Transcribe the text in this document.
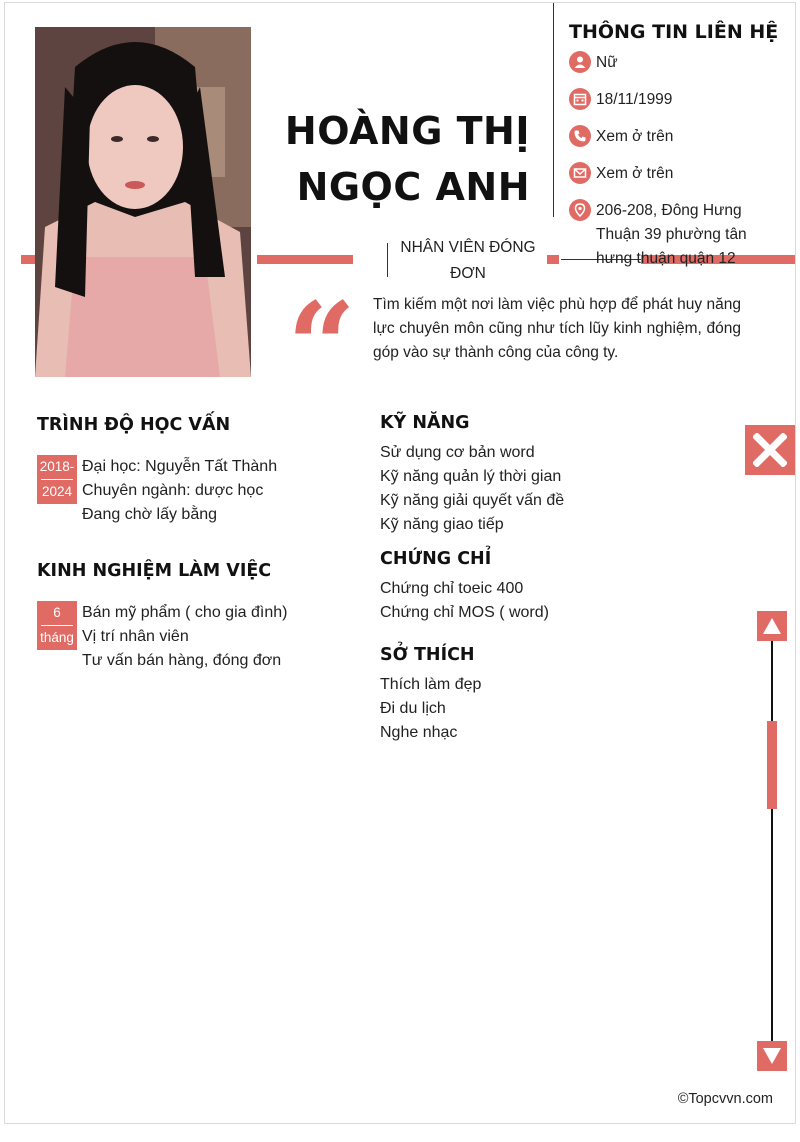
HOÀNG THỊ
NGỌC ANH
NHÂN VIÊN ĐÓNG
ĐƠN
THÔNG TIN LIÊN HỆ
Nữ
18/11/1999
Xem ở trên
Xem ở trên
206-208, Đông Hưng Thuận 39 phường tân hưng thuận quận 12
“ Tìm kiếm một nơi làm việc phù hợp để phát huy năng lực chuyên môn cũng như tích lũy kinh nghiệm, đóng góp vào sự thành công của công ty.
TRÌNH ĐỘ HỌC VẤN
2018-
2024
Đại học: Nguyễn Tất Thành
Chuyên ngành: dược học
Đang chờ lấy bằng
KINH NGHIỆM LÀM VIỆC
6
tháng
Bán mỹ phẩm ( cho gia đình)
Vị trí nhân viên
Tư vấn bán hàng, đóng đơn
KỸ NĂNG
Sử dụng cơ bản word
Kỹ năng quản lý thời gian
Kỹ năng giải quyết vấn đề
Kỹ năng giao tiếp
CHỨNG CHỈ
Chứng chỉ toeic 400
Chứng chỉ MOS ( word)
SỞ THÍCH
Thích làm đẹp
Đi du lịch
Nghe nhạc
©Topcvvn.com
